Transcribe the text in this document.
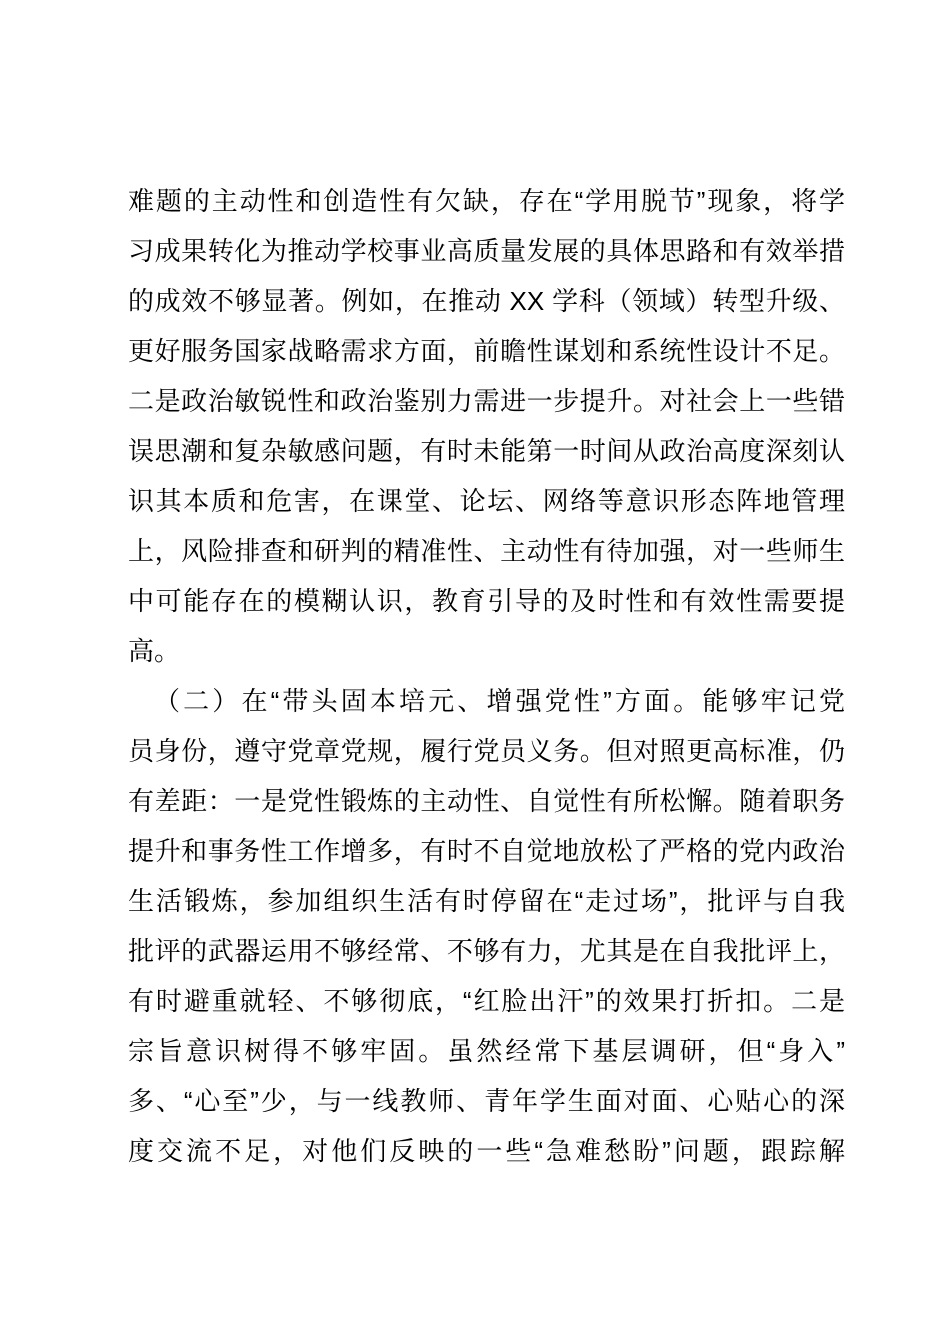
难题的主动性和创造性有欠缺，存在“学用脱节”现象，将学
习成果转化为推动学校事业高质量发展的具体思路和有效举措
的成效不够显著。例如，在推动 XX 学科（领域）转型升级、
更好服务国家战略需求方面，前瞻性谋划和系统性设计不足。
二是政治敏锐性和政治鉴别力需进一步提升。对社会上一些错
误思潮和复杂敏感问题，有时未能第一时间从政治高度深刻认
识其本质和危害，在课堂、论坛、网络等意识形态阵地管理
上，风险排查和研判的精准性、主动性有待加强，对一些师生
中可能存在的模糊认识，教育引导的及时性和有效性需要提
高。
（二）在“带头固本培元、增强党性”方面。能够牢记党
员身份，遵守党章党规，履行党员义务。但对照更高标准，仍
有差距：一是党性锻炼的主动性、自觉性有所松懈。随着职务
提升和事务性工作增多，有时不自觉地放松了严格的党内政治
生活锻炼，参加组织生活有时停留在“走过场”，批评与自我
批评的武器运用不够经常、不够有力，尤其是在自我批评上，
有时避重就轻、不够彻底，“红脸出汗”的效果打折扣。二是
宗旨意识树得不够牢固。虽然经常下基层调研，但“身入”
多、“心至”少，与一线教师、青年学生面对面、心贴心的深
度交流不足，对他们反映的一些“急难愁盼”问题，跟踪解
